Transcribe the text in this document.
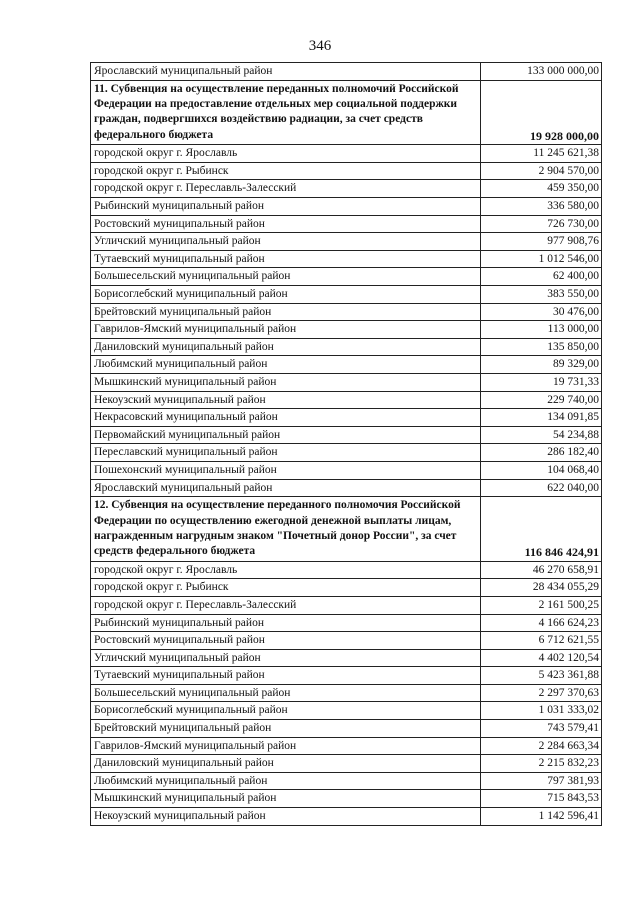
346
Ярославский муниципальный район	133 000 000,00
11. Субвенция на осуществление переданных полномочий Российской Федерации на предоставление отдельных мер социальной поддержки граждан, подвергшихся воздействию радиации, за счет средств федерального бюджета	19 928 000,00
городской округ г. Ярославль	11 245 621,38
городской округ г. Рыбинск	2 904 570,00
городской округ г. Переславль-Залесский	459 350,00
Рыбинский муниципальный район	336 580,00
Ростовский муниципальный район	726 730,00
Угличский муниципальный район	977 908,76
Тутаевский муниципальный район	1 012 546,00
Большесельский муниципальный район	62 400,00
Борисоглебский муниципальный район	383 550,00
Брейтовский муниципальный район	30 476,00
Гаврилов-Ямский муниципальный район	113 000,00
Даниловский муниципальный район	135 850,00
Любимский муниципальный район	89 329,00
Мышкинский муниципальный район	19 731,33
Некоузский муниципальный район	229 740,00
Некрасовский муниципальный район	134 091,85
Первомайский муниципальный район	54 234,88
Переславский муниципальный район	286 182,40
Пошехонский муниципальный район	104 068,40
Ярославский муниципальный район	622 040,00
12. Субвенция на осуществление переданного полномочия Российской Федерации по осуществлению ежегодной денежной выплаты лицам, награжденным нагрудным знаком "Почетный донор России", за счет средств федерального бюджета	116 846 424,91
городской округ г. Ярославль	46 270 658,91
городской округ г. Рыбинск	28 434 055,29
городской округ г. Переславль-Залесский	2 161 500,25
Рыбинский муниципальный район	4 166 624,23
Ростовский муниципальный район	6 712 621,55
Угличский муниципальный район	4 402 120,54
Тутаевский муниципальный район	5 423 361,88
Большесельский муниципальный район	2 297 370,63
Борисоглебский муниципальный район	1 031 333,02
Брейтовский муниципальный район	743 579,41
Гаврилов-Ямский муниципальный район	2 284 663,34
Даниловский муниципальный район	2 215 832,23
Любимский муниципальный район	797 381,93
Мышкинский муниципальный район	715 843,53
Некоузский муниципальный район	1 142 596,41
